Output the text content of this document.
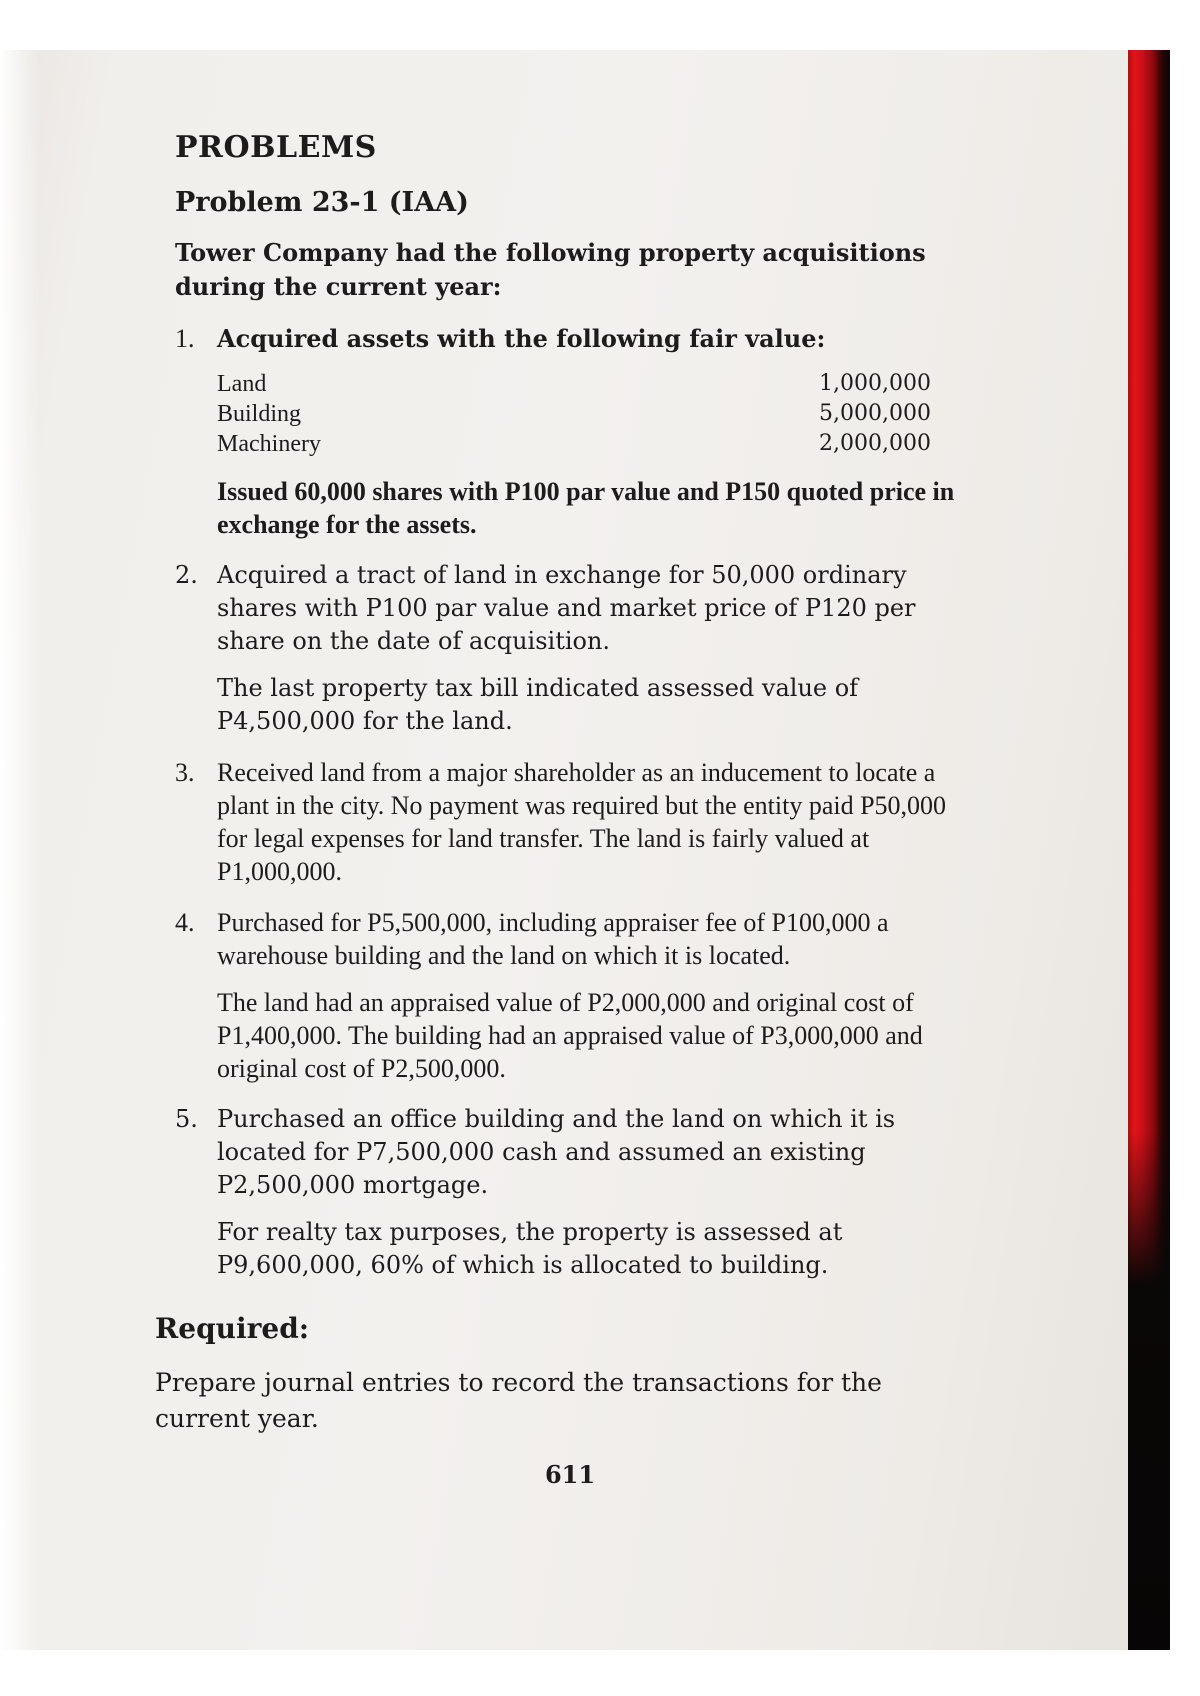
PROBLEMS
Problem 23-1 (IAA)
Tower Company had the following property acquisitions during the current year:
1. Acquired assets with the following fair value:

Land	1,000,000
Building	5,000,000
Machinery	2,000,000

Issued 60,000 shares with P100 par value and P150 quoted price in exchange for the assets.

2. Acquired a tract of land in exchange for 50,000 ordinary shares with P100 par value and market price of P120 per share on the date of acquisition.

The last property tax bill indicated assessed value of P4,500,000 for the land.

3. Received land from a major shareholder as an inducement to locate a plant in the city. No payment was required but the entity paid P50,000 for legal expenses for land transfer. The land is fairly valued at P1,000,000.

4. Purchased for P5,500,000, including appraiser fee of P100,000 a warehouse building and the land on which it is located.

The land had an appraised value of P2,000,000 and original cost of P1,400,000. The building had an appraised value of P3,000,000 and original cost of P2,500,000.

5. Purchased an office building and the land on which it is located for P7,500,000 cash and assumed an existing P2,500,000 mortgage.

For realty tax purposes, the property is assessed at P9,600,000, 60% of which is allocated to building.

Required:
Prepare journal entries to record the transactions for the current year.
611
